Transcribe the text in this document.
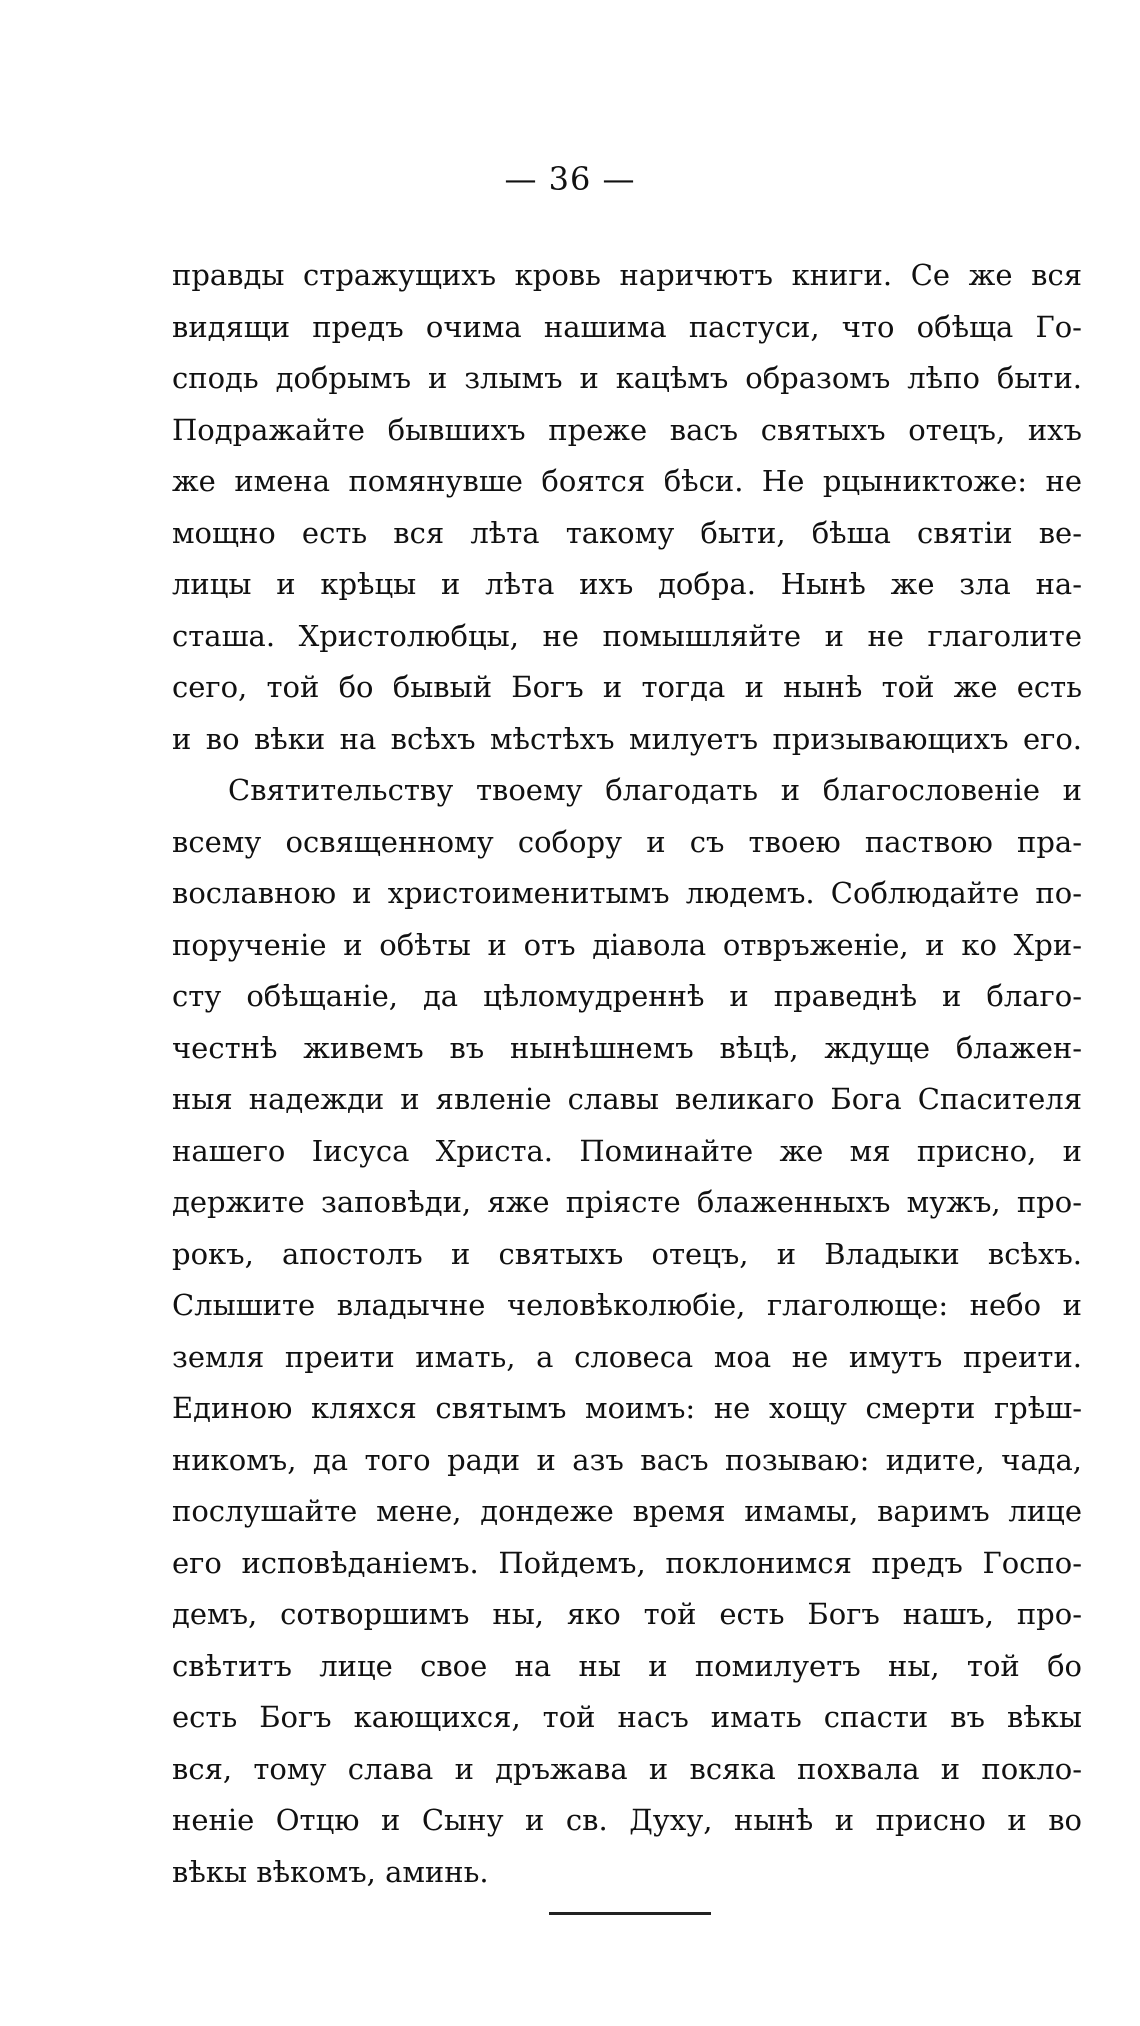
— 36 —
правды стражущихъ кровь наричютъ книги. Се же вся
видящи предъ очима нашима пастуси, что обѣща Го-
сподь добрымъ и злымъ и кацѣмъ образомъ лѣпо быти.
Подражайте бывшихъ преже васъ святыхъ отецъ, ихъ
же имена помянувше боятся бѣси. Не рцыниктоже: не
мощно есть вся лѣта такому быти, бѣша святіи ве-
лицы и крѣцы и лѣта ихъ добра. Нынѣ же зла на-
сташа. Христолюбцы, не помышляйте и не глаголите
сего, той бо бывый Богъ и тогда и нынѣ той же есть
и во вѣки на всѣхъ мѣстѣхъ милуетъ призывающихъ его.
Святительству твоему благодать и благословеніе и
всему освященному собору и съ твоею паствою пра-
вославною и христоименитымъ людемъ. Соблюдайте по-
порученіе и обѣты и отъ діавола отвръженіе, и ко Хри-
сту обѣщаніе, да цѣломудреннѣ и праведнѣ и благо-
честнѣ живемъ въ нынѣшнемъ вѣцѣ, ждуще блажен-
ныя надежди и явленіе славы великаго Бога Спасителя
нашего Іисуса Христа. Поминайте же мя присно, и
держите заповѣди, яже пріясте блаженныхъ мужъ, про-
рокъ, апостолъ и святыхъ отецъ, и Владыки всѣхъ.
Слышите владычне человѣколюбіе, глаголюще: небо и
земля преити имать, а словеса моа не имутъ преити.
Единою кляхся святымъ моимъ: не хощу смерти грѣш-
никомъ, да того ради и азъ васъ позываю: идите, чада,
послушайте мене, дондеже время имамы, варимъ лице
его исповѣданіемъ. Пойдемъ, поклонимся предъ Госпо-
демъ, сотворшимъ ны, яко той есть Богъ нашъ, про-
свѣтитъ лице свое на ны и помилуетъ ны, той бо
есть Богъ кающихся, той насъ имать спасти въ вѣкы
вся, тому слава и дръжава и всяка похвала и покло-
неніе Отцю и Сыну и св. Духу, нынѣ и присно и во
вѣкы вѣкомъ, аминь.
